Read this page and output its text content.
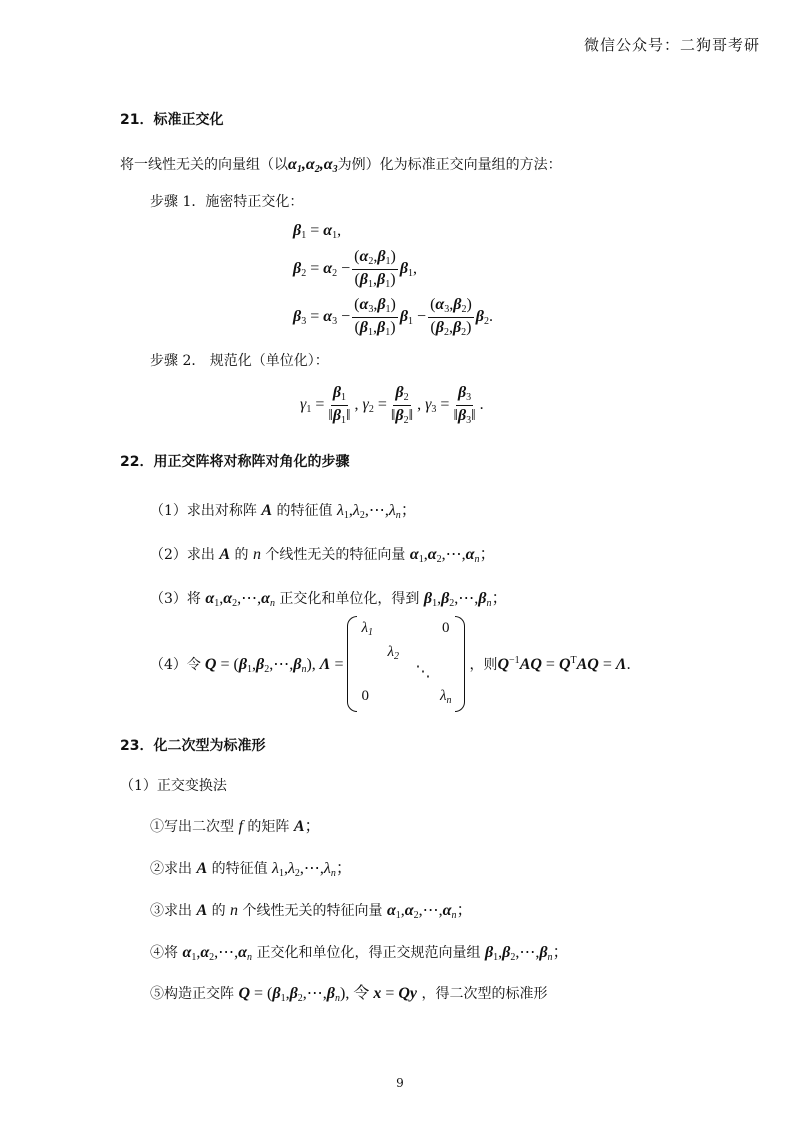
微信公众号：二狗哥考研
21．标准正交化
将一线性无关的向量组（以$\alpha_1,\alpha_2,\alpha_3$为例）化为标准正交向量组的方法：
步骤 1．施密特正交化：
$\beta_1 = \alpha_1$,
$\beta_2 = \alpha_2 - \frac{(\alpha_2,\beta_1)}{(\beta_1,\beta_1)} \beta_1$,
$\beta_3 = \alpha_3 - \frac{(\alpha_3,\beta_1)}{(\beta_1,\beta_1)} \beta_1 - \frac{(\alpha_3,\beta_2)}{(\beta_2,\beta_2)} \beta_2$.
步骤 2． 规范化（单位化）：
$\gamma_1 = \frac{\beta_1}{‖\beta_1‖}$ , $\gamma_2 = \frac{\beta_2}{‖\beta_2‖}$ , $\gamma_3 = \frac{\beta_3}{‖\beta_3‖}$ .
22．用正交阵将对称阵对角化的步骤
（1）求出对称阵 A 的特征值 $\lambda_1,\lambda_2,\cdots,\lambda_n$；
（2）求出 A 的 n 个线性无关的特征向量 $\alpha_1,\alpha_2,\cdots,\alpha_n$；
（3）将 $\alpha_1,\alpha_2,\cdots,\alpha_n$ 正交化和单位化，得到 $\beta_1,\beta_2,\cdots,\beta_n$；
（4）令 $Q = (\beta_1,\beta_2,\cdots,\beta_n)$, Λ =
$\lambda_1$	0
$\lambda_2$
⋱
0	$\lambda_n$
，则 $Q^{-1}AQ = Q^TAQ = \Lambda$.
23．化二次型为标准形
（1）正交变换法
①写出二次型 f 的矩阵 A；
②求出 A 的特征值 $\lambda_1,\lambda_2,\cdots,\lambda_n$；
③求出 A 的 n 个线性无关的特征向量 $\alpha_1,\alpha_2,\cdots,\alpha_n$；
④将 $\alpha_1,\alpha_2,\cdots,\alpha_n$ 正交化和单位化，得正交规范向量组 $\beta_1,\beta_2,\cdots,\beta_n$；
⑤构造正交阵 $Q = (\beta_1,\beta_2,\cdots,\beta_n)$, 令 x = Qy ，得二次型的标准形
9
